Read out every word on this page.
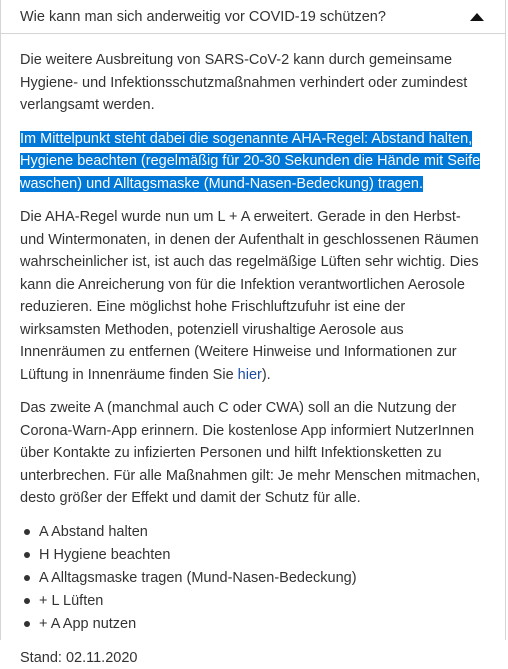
Wie kann man sich anderweitig vor COVID-19 schützen?

Die weitere Ausbreitung von SARS-CoV-2 kann durch gemeinsame Hygiene- und Infektionsschutzmaßnahmen verhindert oder zumindest verlangsamt werden.

Im Mittelpunkt steht dabei die sogenannte AHA-Regel: Abstand halten,
Hygiene beachten (regelmäßig für 20-30 Sekunden die Hände mit Seife
waschen) und Alltagsmaske (Mund-Nasen-Bedeckung) tragen.

Die AHA-Regel wurde nun um L + A erweitert. Gerade in den Herbst- und Wintermonaten, in denen der Aufenthalt in geschlossenen Räumen wahrscheinlicher ist, ist auch das regelmäßige Lüften sehr wichtig. Dies kann die Anreicherung von für die Infektion verantwortlichen Aerosole reduzieren. Eine möglichst hohe Frischluftzufuhr ist eine der wirksamsten Methoden, potenziell virushaltige Aerosole aus Innenräumen zu entfernen (Weitere Hinweise und Informationen zur Lüftung in Innenräume finden Sie hier).

Das zweite A (manchmal auch C oder CWA) soll an die Nutzung der Corona-Warn-App erinnern. Die kostenlose App informiert NutzerInnen über Kontakte zu infizierten Personen und hilft Infektionsketten zu unterbrechen. Für alle Maßnahmen gilt: Je mehr Menschen mitmachen, desto größer der Effekt und damit der Schutz für alle.

A Abstand halten
H Hygiene beachten
A Alltagsmaske tragen (Mund-Nasen-Bedeckung)
+ L Lüften
+ A App nutzen

Stand: 02.11.2020
